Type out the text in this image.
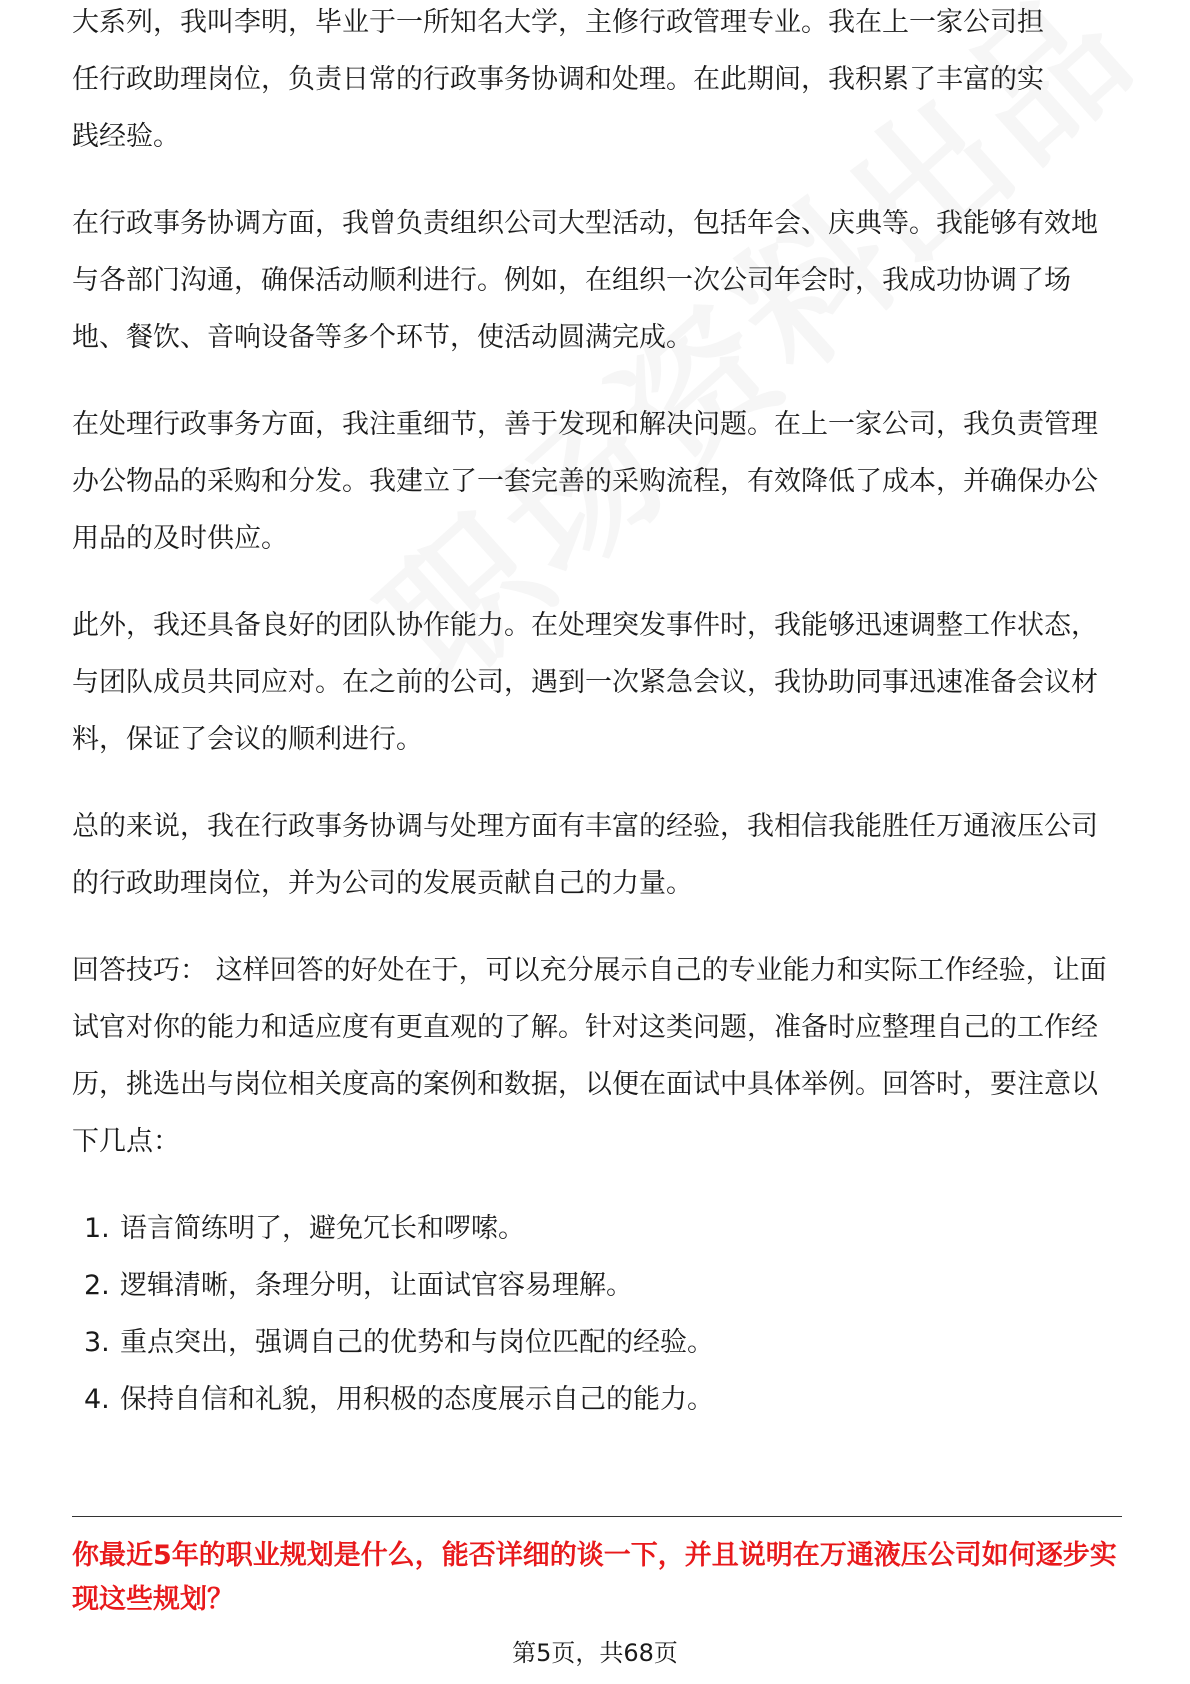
大系列，我叫李明，毕业于一所知名大学，主修行政管理专业。我在上一家公司担

任行政助理岗位，负责日常的行政事务协调和处理。在此期间，我积累了丰富的实

践经验。

在行政事务协调方面，我曾负责组织公司大型活动，包括年会、庆典等。我能够有效地与各部门沟通，确保活动顺利进行。例如，在组织一次公司年会时，我成功协调了场地、餐饮、音响设备等多个环节，使活动圆满完成。

在处理行政事务方面，我注重细节，善于发现和解决问题。在上一家公司，我负责管理办公物品的采购和分发。我建立了一套完善的采购流程，有效降低了成本，并确保办公用品的及时供应。

此外，我还具备良好的团队协作能力。在处理突发事件时，我能够迅速调整工作状态，与团队成员共同应对。在之前的公司，遇到一次紧急会议，我协助同事迅速准备会议材料，保证了会议的顺利进行。

总的来说，我在行政事务协调与处理方面有丰富的经验，我相信我能胜任万通液压公司的行政助理岗位，并为公司的发展贡献自己的力量。

回答技巧： 这样回答的好处在于，可以充分展示自己的专业能力和实际工作经验，让面试官对你的能力和适应度有更直观的了解。针对这类问题，准备时应整理自己的工作经历，挑选出与岗位相关度高的案例和数据，以便在面试中具体举例。回答时，要注意以下几点：

1. 语言简练明了，避免冗长和啰嗦。
2. 逻辑清晰，条理分明，让面试官容易理解。
3. 重点突出，强调自己的优势和与岗位匹配的经验。
4. 保持自信和礼貌，用积极的态度展示自己的能力。
你最近5年的职业规划是什么，能否详细的谈一下，并且说明在万通液压公司如何逐步实现这些规划？
第5页，共68页
